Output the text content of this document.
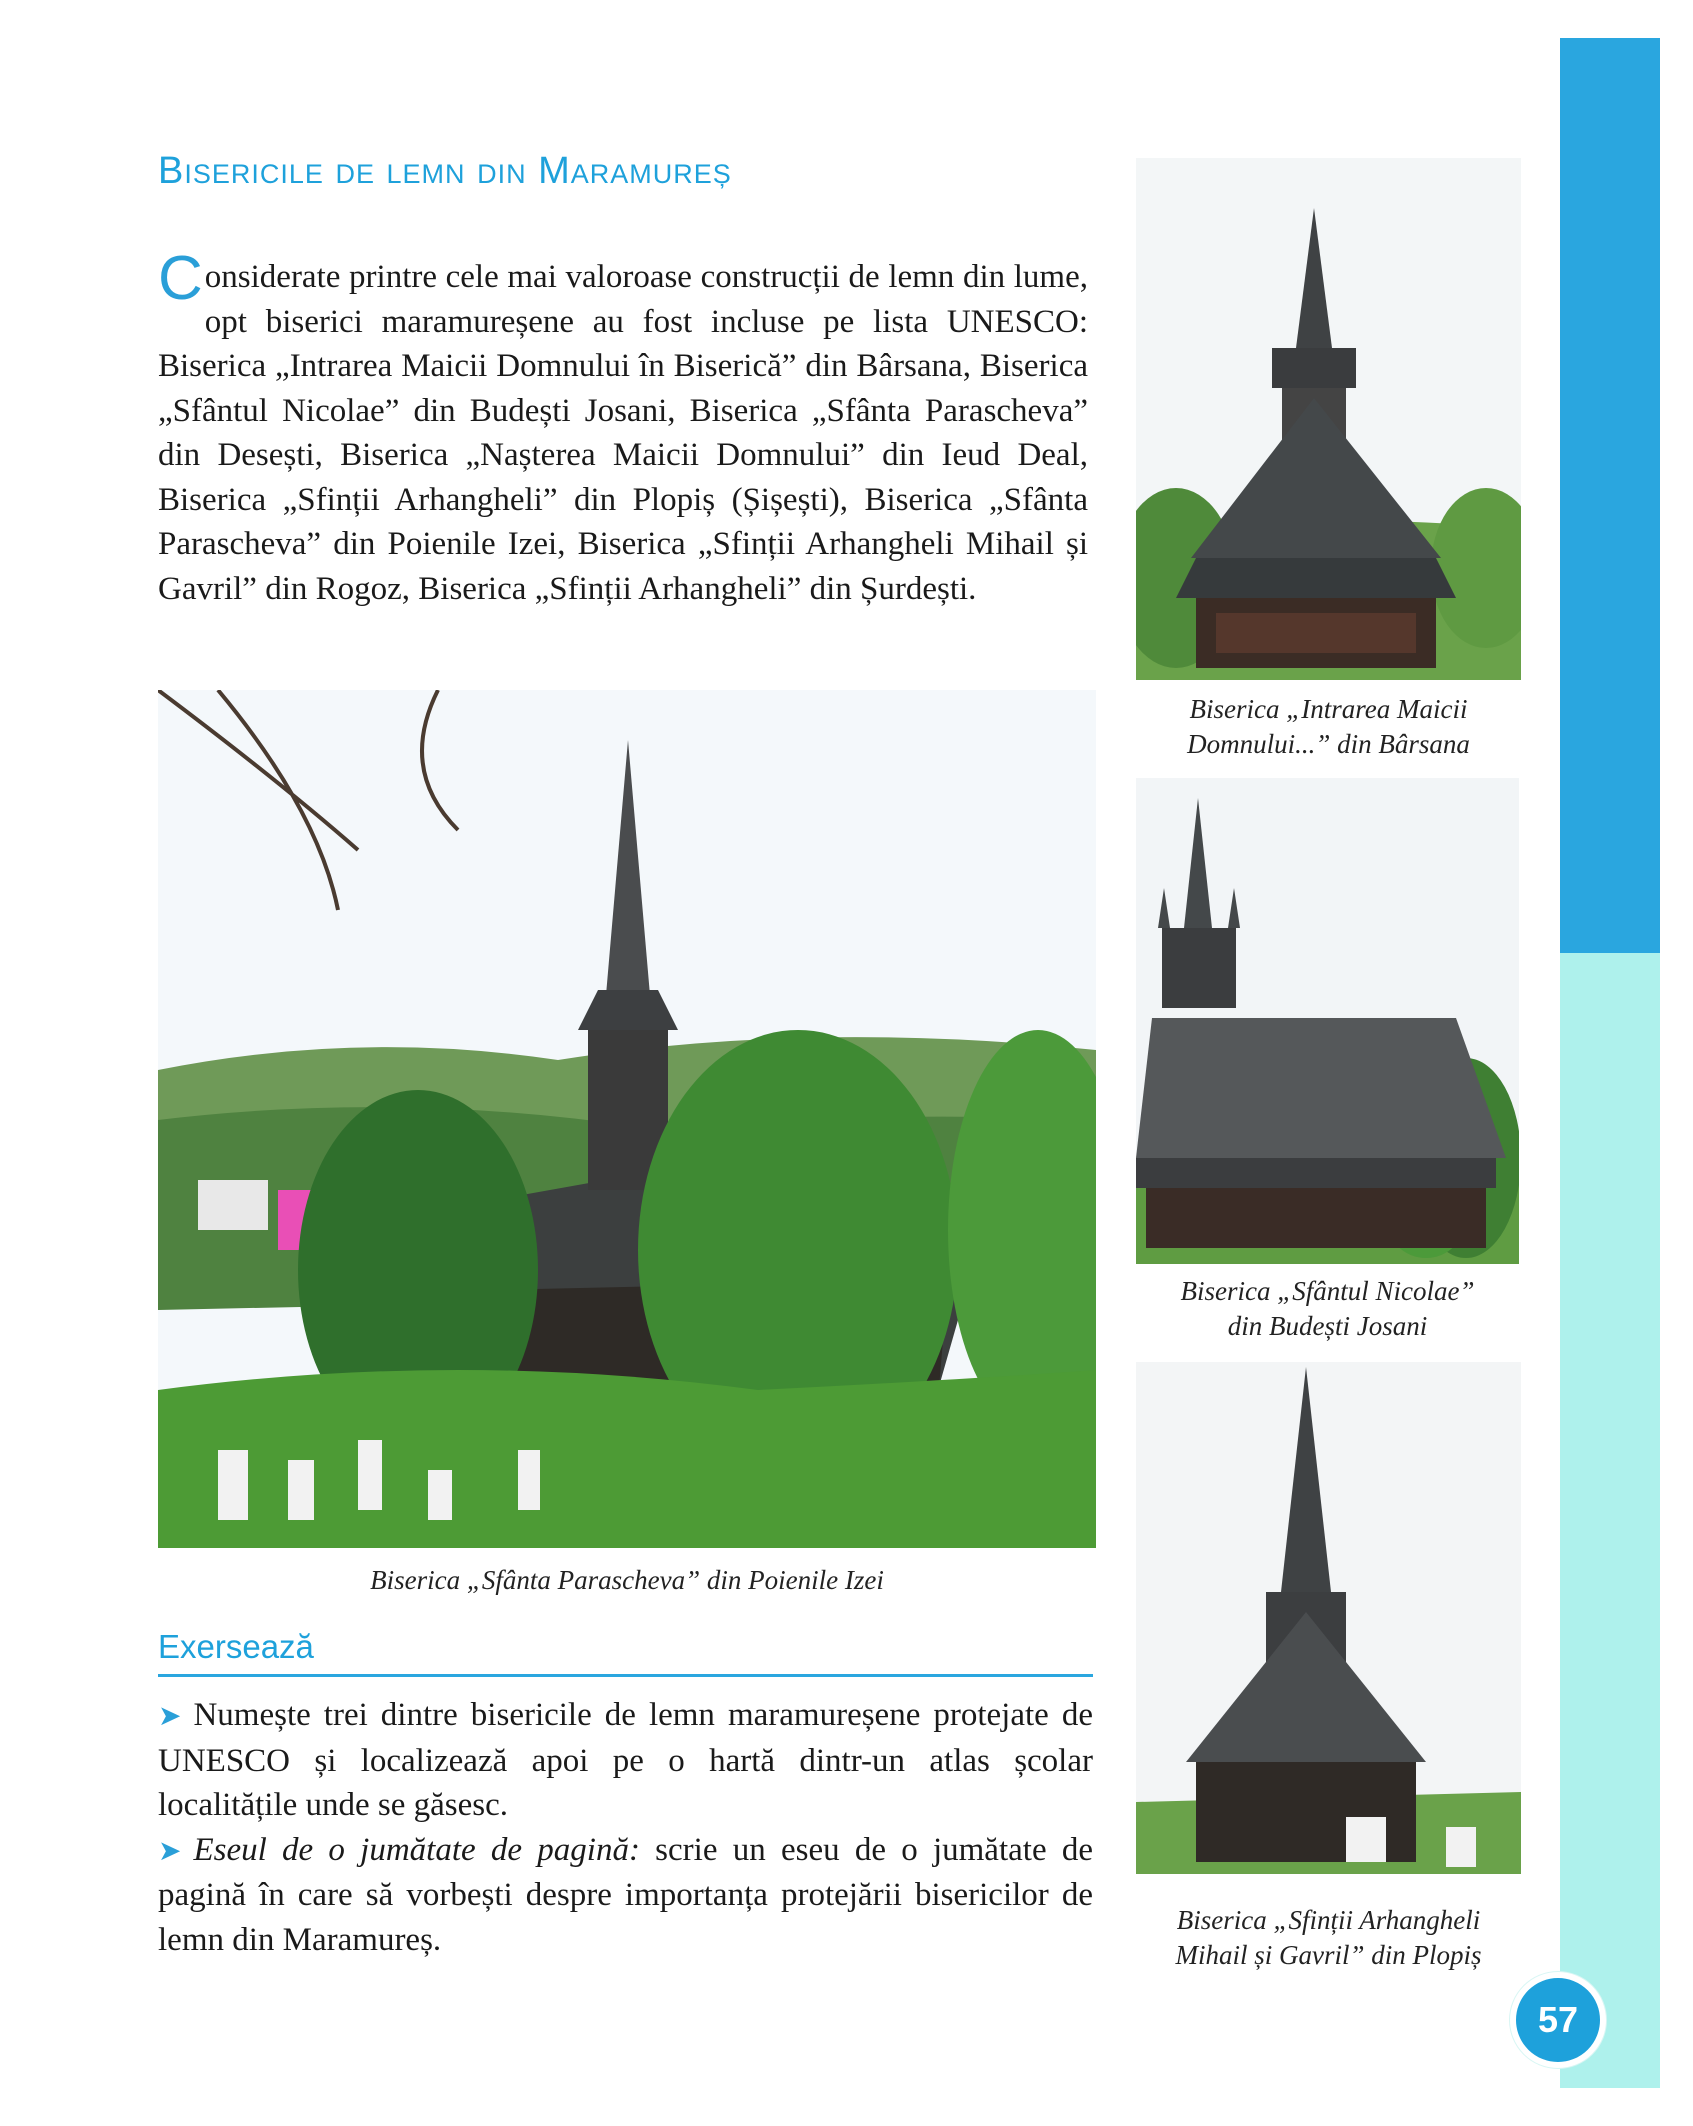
Bisericile de lemn din Maramureș
Considerate printre cele mai valoroase construcții de lemn din lume, opt biserici maramureșene au fost incluse pe lista UNESCO: Biserica „Intrarea Maicii Domnului în Biserică” din Bârsana, Biserica „Sfântul Nicolae” din Budești Josani, Biserica „Sfânta Parascheva” din Desești, Biserica „Nașterea Maicii Domnului” din Ieud Deal, Biserica „Sfinții Arhangheli” din Plopiș (Șișești), Biserica „Sfânta Parascheva” din Poienile Izei, Biserica „Sfinții Arhangheli Mihail și Gavril” din Rogoz, Biserica „Sfinții Arhangheli” din Șurdești.
Biserica „Sfânta Parascheva” din Poienile Izei
Biserica „Intrarea Maicii
Domnului...” din Bârsana
Biserica „Sfântul Nicolae”
din Budești Josani
Biserica „Sfinții Arhangheli
Mihail și Gavril” din Plopiș
Exersează

➤ Numește trei dintre bisericile de lemn maramureșene protejate de UNESCO și localizează apoi pe o hartă dintr-un atlas școlar localitățile unde se găsesc.

➤ Eseul de o jumătate de pagină: scrie un eseu de o jumătate de pagină în care să vorbești despre importanța protejării bisericilor de lemn din Maramureș.

57
